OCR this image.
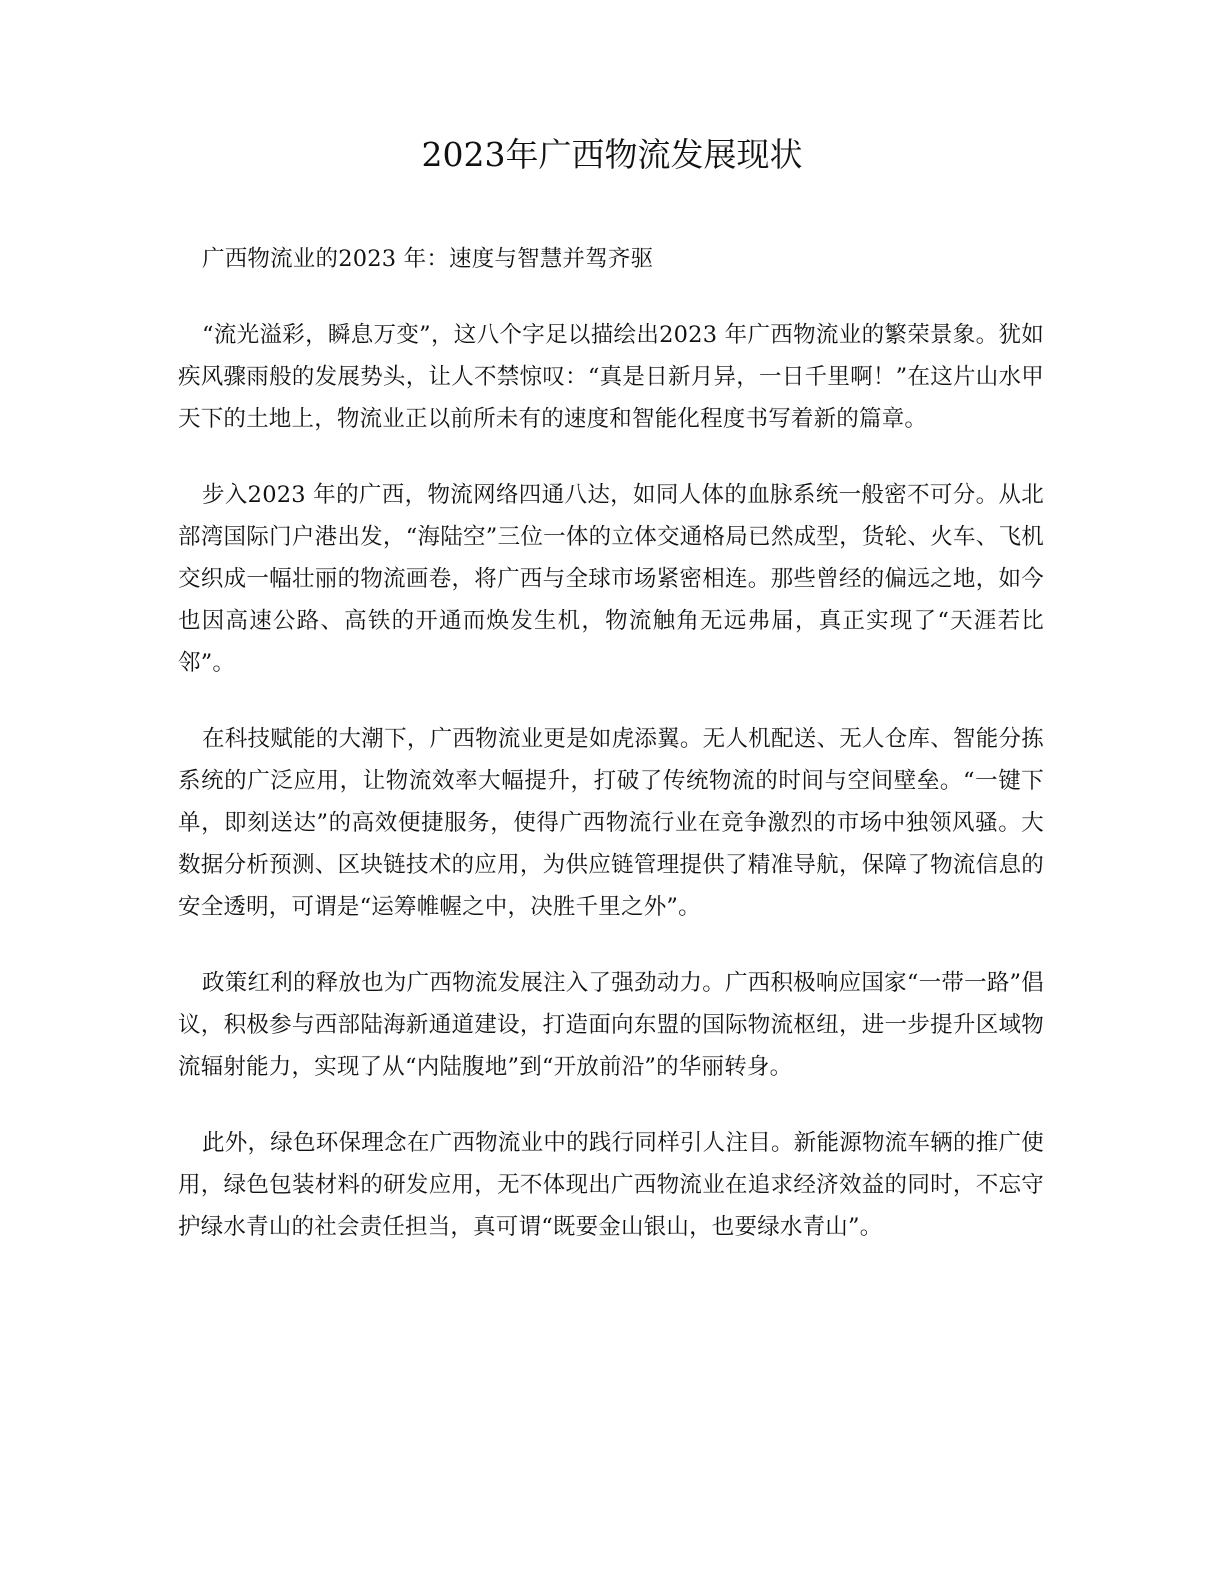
2023年广西物流发展现状

广西物流业的2023 年：速度与智慧并驾齐驱

“流光溢彩，瞬息万变”，这八个字足以描绘出2023 年广西物流业的繁荣景象。犹如疾风骤雨般的发展势头，让人不禁惊叹：“真是日新月异，一日千里啊！”在这片山水甲天下的土地上，物流业正以前所未有的速度和智能化程度书写着新的篇章。

步入2023 年的广西，物流网络四通八达，如同人体的血脉系统一般密不可分。从北部湾国际门户港出发，“海陆空”三位一体的立体交通格局已然成型，货轮、火车、飞机交织成一幅壮丽的物流画卷，将广西与全球市场紧密相连。那些曾经的偏远之地，如今也因高速公路、高铁的开通而焕发生机，物流触角无远弗届，真正实现了“天涯若比邻”。

在科技赋能的大潮下，广西物流业更是如虎添翼。无人机配送、无人仓库、智能分拣系统的广泛应用，让物流效率大幅提升，打破了传统物流的时间与空间壁垒。“一键下单，即刻送达”的高效便捷服务，使得广西物流行业在竞争激烈的市场中独领风骚。大数据分析预测、区块链技术的应用，为供应链管理提供了精准导航，保障了物流信息的安全透明，可谓是“运筹帷幄之中，决胜千里之外”。

政策红利的释放也为广西物流发展注入了强劲动力。广西积极响应国家“一带一路”倡议，积极参与西部陆海新通道建设，打造面向东盟的国际物流枢纽，进一步提升区域物流辐射能力，实现了从“内陆腹地”到“开放前沿”的华丽转身。

此外，绿色环保理念在广西物流业中的践行同样引人注目。新能源物流车辆的推广使用，绿色包装材料的研发应用，无不体现出广西物流业在追求经济效益的同时，不忘守护绿水青山的社会责任担当，真可谓“既要金山银山，也要绿水青山”。
